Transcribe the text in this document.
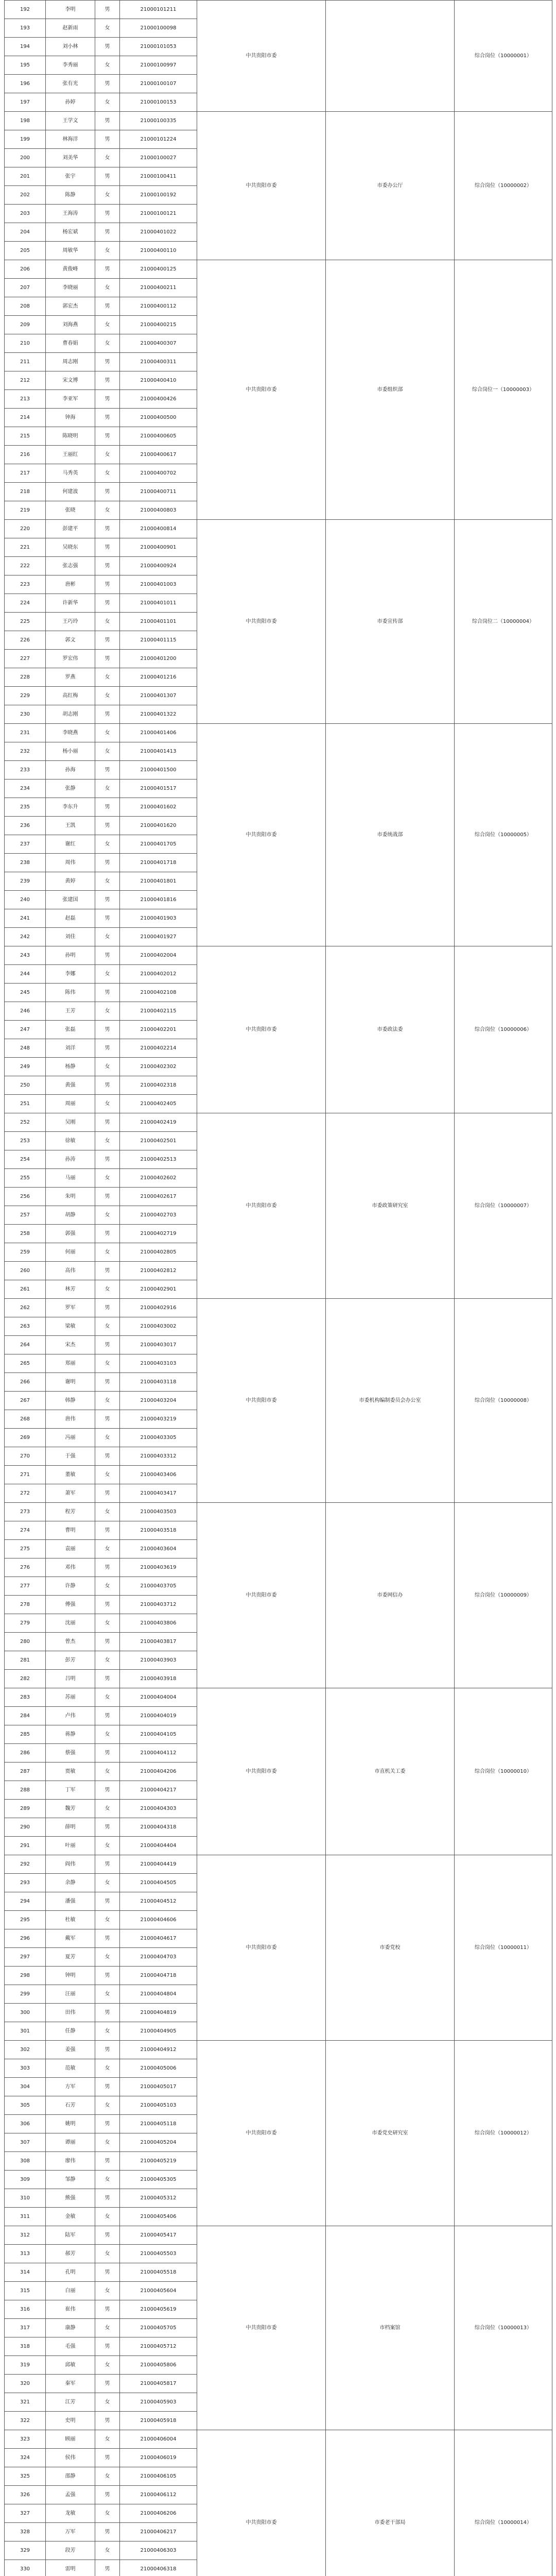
192	李明	男	21000101211	中共贵阳市委		综合岗位（10000001）
193	赵新雨	女	21000100098			
194	刘小林	男	21000101053			
195	李秀丽	女	21000100997			
196	张有光	男	21000100107			
197	孙婷	女	21000100153			
198	王学文	男	21000100335	中共贵阳市委	市委办公厅	综合岗位（10000002）
199	林海洋	男	21000101224			
200	刘美华	女	21000100027			
201	张宇	男	21000100411			
202	陈静	女	21000100192			
203	王海涛	男	21000100121			
204	杨宏斌	男	21000401022			
205	周敏华	女	21000400110			
206	黄俊峰	男	21000400125	中共贵阳市委	市委组织部	综合岗位一（10000003）
207	李晓丽	女	21000400211			
208	郭宏杰	男	21000400112			
209	刘海燕	女	21000400215			
210	曹春娟	女	21000400307			
211	周志刚	男	21000400311			
212	宋文博	男	21000400410			
213	李亚军	男	21000400426			
214	钟海	男	21000400500			
215	陈晓明	男	21000400605			
216	王丽红	女	21000400617			
217	马秀英	女	21000400702			
218	何建波	男	21000400711			
219	张晓	女	21000400803			
220	彭建平	男	21000400814	中共贵阳市委	市委宣传部	综合岗位二（10000004）
221	吴晓东	男	21000400901			
222	张志强	男	21000400924			
223	唐彬	男	21000401003			
224	许新华	男	21000401011			
225	王巧玲	女	21000401101			
226	郭文	男	21000401115			
227	罗宏伟	男	21000401200			
228	罗燕	女	21000401216			
229	高红梅	女	21000401307			
230	胡志刚	男	21000401322			
231	李晓燕	女	21000401406	中共贵阳市委	市委统战部	综合岗位（10000005）
232	杨小丽	女	21000401413			
233	孙海	男	21000401500			
234	张静	女	21000401517			
235	李东升	男	21000401602			
236	王凯	男	21000401620			
237	谢红	女	21000401705			
238	周伟	男	21000401718			
239	黄婷	女	21000401801			
240	张建国	男	21000401816			
241	赵磊	男	21000401903			
242	刘佳	女	21000401927			
243	孙明	男	21000402004	中共贵阳市委	市委政法委	综合岗位（10000006）
244	李娜	女	21000402012			
245	陈伟	男	21000402108			
246	王芳	女	21000402115			
247	张磊	男	21000402201			
248	刘洋	男	21000402214			
249	杨静	女	21000402302			
250	黄强	男	21000402318			
251	周丽	女	21000402405			
252	吴刚	男	21000402419	中共贵阳市委	市委政策研究室	综合岗位（10000007）
253	徐敏	女	21000402501			
254	孙涛	男	21000402513			
255	马丽	女	21000402602			
256	朱明	男	21000402617			
257	胡静	女	21000402703			
258	郭强	男	21000402719			
259	何丽	女	21000402805			
260	高伟	男	21000402812			
261	林芳	女	21000402901			
262	罗军	男	21000402916	中共贵阳市委	市委机构编制委员会办公室	综合岗位（10000008）
263	梁敏	女	21000403002			
264	宋杰	男	21000403017			
265	郑丽	女	21000403103			
266	谢明	男	21000403118			
267	韩静	女	21000403204			
268	唐伟	男	21000403219			
269	冯丽	女	21000403305			
270	于强	男	21000403312			
271	董敏	女	21000403406			
272	萧军	男	21000403417			
273	程芳	女	21000403503	中共贵阳市委	市委网信办	综合岗位（10000009）
274	曹明	男	21000403518			
275	袁丽	女	21000403604			
276	邓伟	男	21000403619			
277	许静	女	21000403705			
278	傅强	男	21000403712			
279	沈丽	女	21000403806			
280	曾杰	男	21000403817			
281	彭芳	女	21000403903			
282	吕明	男	21000403918			
283	苏丽	女	21000404004	中共贵阳市委	市直机关工委	综合岗位（10000010）
284	卢伟	男	21000404019			
285	蒋静	女	21000404105			
286	蔡强	男	21000404112			
287	贾敏	女	21000404206			
288	丁军	男	21000404217			
289	魏芳	女	21000404303			
290	薛明	男	21000404318			
291	叶丽	女	21000404404			
292	阎伟	男	21000404419	中共贵阳市委	市委党校	综合岗位（10000011）
293	余静	女	21000404505			
294	潘强	男	21000404512			
295	杜敏	女	21000404606			
296	戴军	男	21000404617			
297	夏芳	女	21000404703			
298	钟明	男	21000404718			
299	汪丽	女	21000404804			
300	田伟	男	21000404819			
301	任静	女	21000404905			
302	姜强	男	21000404912	中共贵阳市委	市委党史研究室	综合岗位（10000012）
303	范敏	女	21000405006			
304	方军	男	21000405017			
305	石芳	女	21000405103			
306	姚明	男	21000405118			
307	谭丽	女	21000405204			
308	廖伟	男	21000405219			
309	邹静	女	21000405305			
310	熊强	男	21000405312			
311	金敏	女	21000405406			
312	陆军	男	21000405417	中共贵阳市委	市档案馆	综合岗位（10000013）
313	郝芳	女	21000405503			
314	孔明	男	21000405518			
315	白丽	女	21000405604			
316	崔伟	男	21000405619			
317	康静	女	21000405705			
318	毛强	男	21000405712			
319	邱敏	女	21000405806			
320	秦军	男	21000405817			
321	江芳	女	21000405903			
322	史明	男	21000405918			
323	顾丽	女	21000406004	中共贵阳市委	市委老干部局	综合岗位（10000014）
324	侯伟	男	21000406019			
325	邵静	女	21000406105			
326	孟强	男	21000406112			
327	龙敏	女	21000406206			
328	万军	男	21000406217			
329	段芳	女	21000406303			
330	雷明	男	21000406318			
